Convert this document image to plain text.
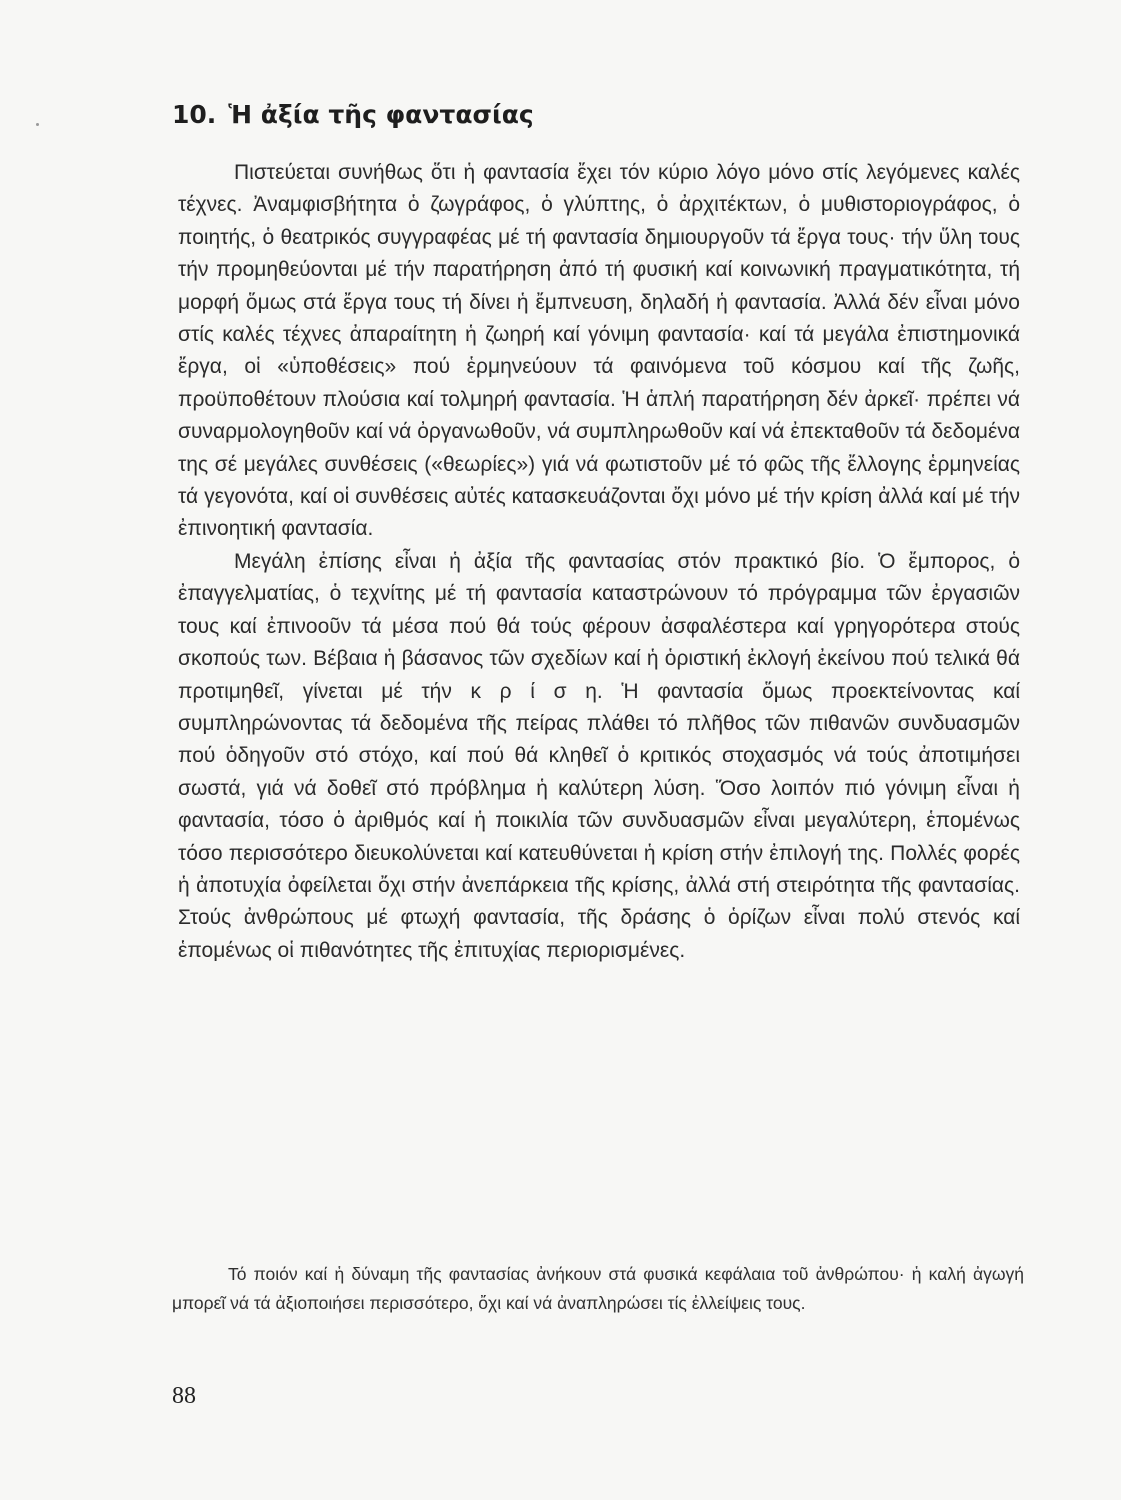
10. Ἡ ἀξία τῆς φαντασίας

Πιστεύεται συνήθως ὅτι ἡ φαντασία ἔχει τόν κύριο λόγο μόνο στίς λεγόμενες καλές τέχνες. Ἀναμφισβήτητα ὁ ζωγράφος, ὁ γλύπτης, ὁ ἀρχιτέκτων, ὁ μυθιστοριογράφος, ὁ ποιητής, ὁ θεατρικός συγγραφέας μέ τή φαντασία δημιουργοῦν τά ἔργα τους· τήν ὕλη τους τήν προμηθεύονται μέ τήν παρατήρηση ἀπό τή φυσική καί κοινωνική πραγματικότητα, τή μορφή ὅμως στά ἔργα τους τή δίνει ἡ ἔμπνευση, δηλαδή ἡ φαντασία. Ἀλλά δέν εἶναι μόνο στίς καλές τέχνες ἀπαραίτητη ἡ ζωηρή καί γόνιμη φαντασία· καί τά μεγάλα ἐπιστημονικά ἔργα, οἱ «ὑποθέσεις» πού ἑρμηνεύουν τά φαινόμενα τοῦ κόσμου καί τῆς ζωῆς, προϋποθέτουν πλούσια καί τολμηρή φαντασία. Ἡ ἁπλή παρατήρηση δέν ἀρκεῖ· πρέπει νά συναρμολογηθοῦν καί νά ὀργανωθοῦν, νά συμπληρωθοῦν καί νά ἐπεκταθοῦν τά δεδομένα της σέ μεγάλες συνθέσεις («θεωρίες») γιά νά φωτιστοῦν μέ τό φῶς τῆς ἔλλογης ἑρμηνείας τά γεγονότα, καί οἱ συνθέσεις αὐτές κατασκευάζονται ὄχι μόνο μέ τήν κρίση ἀλλά καί μέ τήν ἐπινοητική φαντασία.

Μεγάλη ἐπίσης εἶναι ἡ ἀξία τῆς φαντασίας στόν πρακτικό βίο. Ὁ ἔμπορος, ὁ ἐπαγγελματίας, ὁ τεχνίτης μέ τή φαντασία καταστρώνουν τό πρόγραμμα τῶν ἐργασιῶν τους καί ἐπινοοῦν τά μέσα πού θά τούς φέρουν ἀσφαλέστερα καί γρηγορότερα στούς σκοπούς των. Βέβαια ἡ βάσανος τῶν σχεδίων καί ἡ ὁριστική ἐκλογή ἐκείνου πού τελικά θά προτιμηθεῖ, γίνεται μέ τήν κ ρ ί σ η. Ἡ φαντασία ὅμως προεκτείνοντας καί συμπληρώνοντας τά δεδομένα τῆς πείρας πλάθει τό πλῆθος τῶν πιθανῶν συνδυασμῶν πού ὁδηγοῦν στό στόχο, καί πού θά κληθεῖ ὁ κριτικός στοχασμός νά τούς ἀποτιμήσει σωστά, γιά νά δοθεῖ στό πρόβλημα ἡ καλύτερη λύση. Ὅσο λοιπόν πιό γόνιμη εἶναι ἡ φαντασία, τόσο ὁ ἀριθμός καί ἡ ποικιλία τῶν συνδυασμῶν εἶναι μεγαλύτερη, ἑπομένως τόσο περισσότερο διευκολύνεται καί κατευθύνεται ἡ κρίση στήν ἐπιλογή της. Πολλές φορές ἡ ἀποτυχία ὀφείλεται ὄχι στήν ἀνεπάρκεια τῆς κρίσης, ἀλλά στή στειρότητα τῆς φαντασίας. Στούς ἀνθρώπους μέ φτωχή φαντασία, τῆς δράσης ὁ ὁρίζων εἶναι πολύ στενός καί ἑπομένως οἱ πιθανότητες τῆς ἐπιτυχίας περιορισμένες.

Τό ποιόν καί ἡ δύναμη τῆς φαντασίας ἀνήκουν στά φυσικά κεφάλαια τοῦ ἀνθρώπου· ἡ καλή ἀγωγή μπορεῖ νά τά ἀξιοποιήσει περισσότερο, ὄχι καί νά ἀναπληρώσει τίς ἐλλείψεις τους.

88
